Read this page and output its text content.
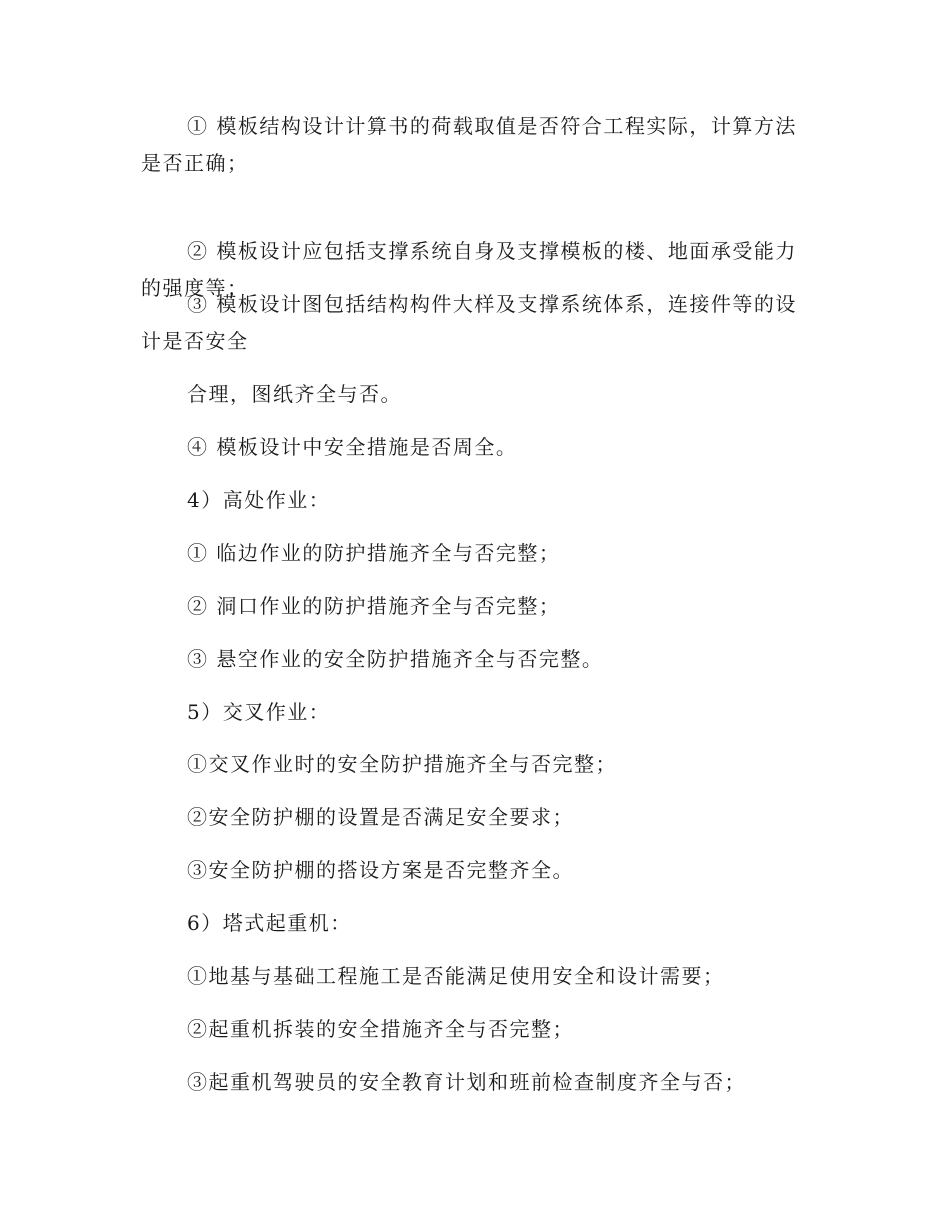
① 模板结构设计计算书的荷载取值是否符合工程实际，计算方法是否正确；

② 模板设计应包括支撑系统自身及支撑模板的楼、地面承受能力的强度等；

③ 模板设计图包括结构构件大样及支撑系统体系，连接件等的设计是否安全

合理，图纸齐全与否。

④ 模板设计中安全措施是否周全。

4）高处作业：

① 临边作业的防护措施齐全与否完整；

② 洞口作业的防护措施齐全与否完整；

③ 悬空作业的安全防护措施齐全与否完整。

5）交叉作业：

①交叉作业时的安全防护措施齐全与否完整；

②安全防护棚的设置是否满足安全要求；

③安全防护棚的搭设方案是否完整齐全。

6）塔式起重机：

①地基与基础工程施工是否能满足使用安全和设计需要；

②起重机拆装的安全措施齐全与否完整；

③起重机驾驶员的安全教育计划和班前检查制度齐全与否；
